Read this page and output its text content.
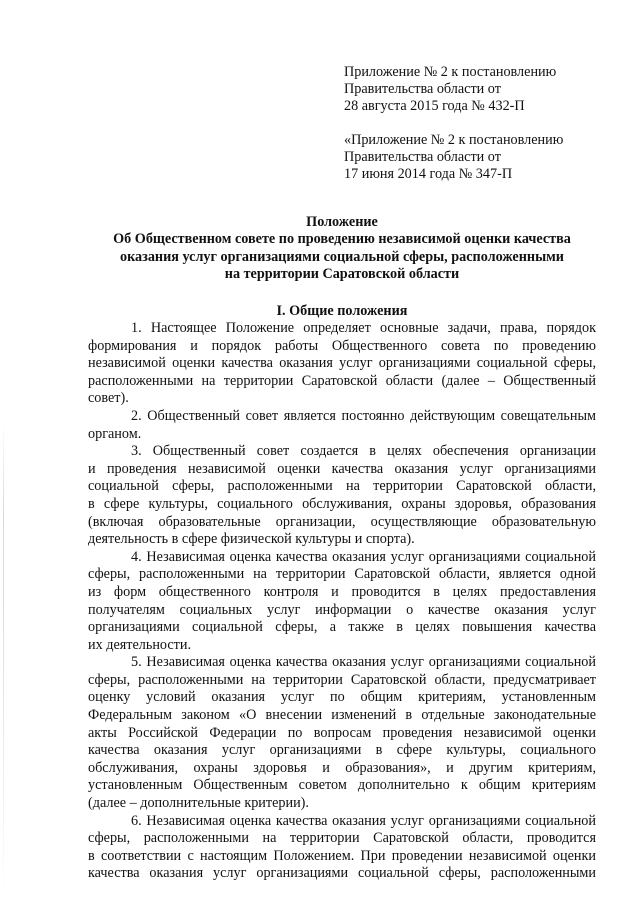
Приложение № 2 к постановлению
Правительства области от
28 августа 2015 года № 432-П
«Приложение № 2 к постановлению
Правительства области от
17 июня 2014 года № 347-П
Положение
Об Общественном совете по проведению независимой оценки качества
оказания услуг организациями социальной сферы, расположенными
на территории Саратовской области
I. Общие положения
1. Настоящее Положение определяет основные задачи, права, порядок
формирования и порядок работы Общественного совета по проведению
независимой оценки качества оказания услуг организациями социальной сферы,
расположенными на территории Саратовской области (далее – Общественный
совет).
2. Общественный совет является постоянно действующим совещательным
органом.
3. Общественный совет создается в целях обеспечения организации
и проведения независимой оценки качества оказания услуг организациями
социальной сферы, расположенными на территории Саратовской области,
в сфере культуры, социального обслуживания, охраны здоровья, образования
(включая образовательные организации, осуществляющие образовательную
деятельность в сфере физической культуры и спорта).
4. Независимая оценка качества оказания услуг организациями социальной
сферы, расположенными на территории Саратовской области, является одной
из форм общественного контроля и проводится в целях предоставления
получателям социальных услуг информации о качестве оказания услуг
организациями социальной сферы, а также в целях повышения качества
их деятельности.
5. Независимая оценка качества оказания услуг организациями социальной
сферы, расположенными на территории Саратовской области, предусматривает
оценку условий оказания услуг по общим критериям, установленным
Федеральным законом «О внесении изменений в отдельные законодательные
акты Российской Федерации по вопросам проведения независимой оценки
качества оказания услуг организациями в сфере культуры, социального
обслуживания, охраны здоровья и образования», и другим критериям,
установленным Общественным советом дополнительно к общим критериям
(далее – дополнительные критерии).
6. Независимая оценка качества оказания услуг организациями социальной
сферы, расположенными на территории Саратовской области, проводится
в соответствии с настоящим Положением. При проведении независимой оценки
качества оказания услуг организациями социальной сферы, расположенными
